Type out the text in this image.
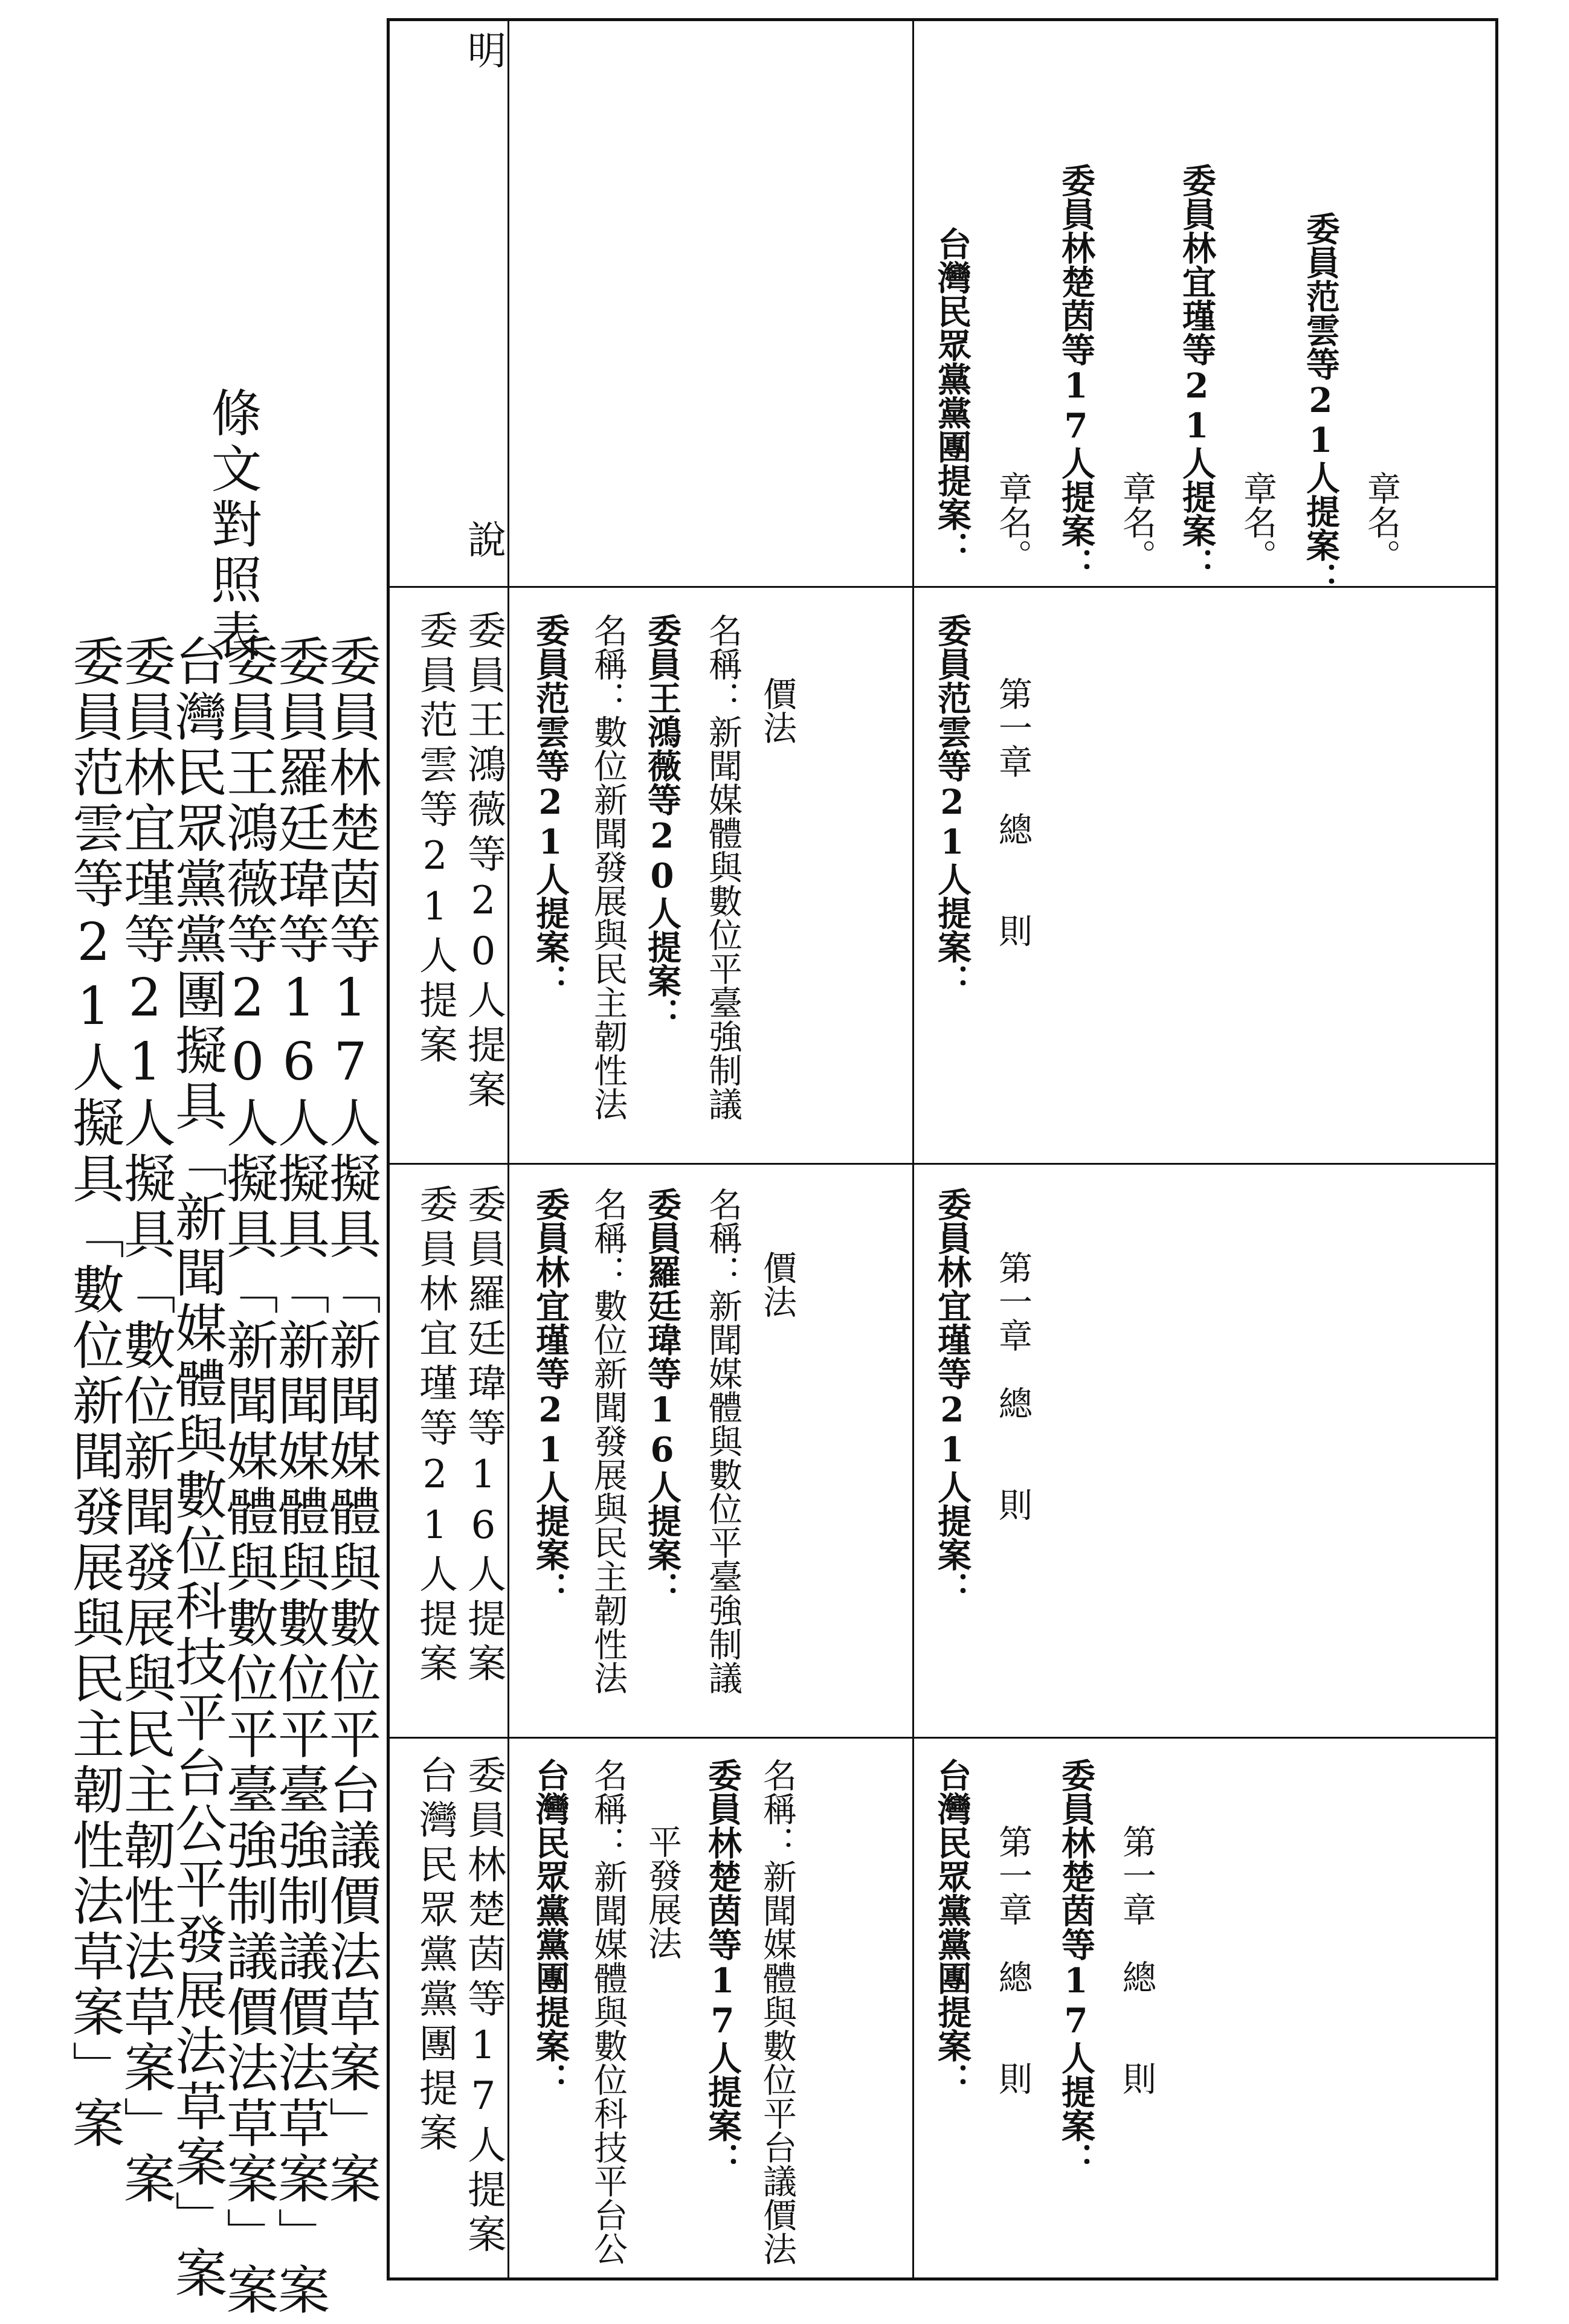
委員林楚茵等17人擬具「新聞媒體與數位平台議價法草案」案
委員羅廷瑋等16人擬具「新聞媒體與數位平臺強制議價法草案」案
委員王鴻薇等20人擬具「新聞媒體與數位平臺強制議價法草案」案
台灣民眾黨黨團擬具「新聞媒體與數位科技平台公平發展法草案」案
委員林宜瑾等21人擬具「數位新聞發展與民主韌性法草案」案
委員范雲等21人擬具「數位新聞發展與民主韌性法草案」案
條文對照表
台灣民眾黨黨團提案 委員林楚茵等17人提案
委員林宜瑾等21人提案 委員羅廷瑋等16人提案
委員范雲等21人提案 委員王鴻薇等20人提案
說
明
台灣民眾黨黨團提案： 名稱：新聞媒體與數位科技平台公 平發展法 委員林楚茵等17人提案： 名稱：新聞媒體與數位平台議價法
委員林宜瑾等21人提案： 名稱：數位新聞發展與民主韌性法 委員羅廷瑋等16人提案： 名稱：新聞媒體與數位平臺強制議 價法
委員范雲等21人提案： 名稱：數位新聞發展與民主韌性法 委員王鴻薇等20人提案： 名稱：新聞媒體與數位平臺強制議 價法
台灣民眾黨黨團提案： 第一章　總　　則 委員林楚茵等17人提案： 第一章　總　　則
委員林宜瑾等21人提案： 第一章　總　　則
委員范雲等21人提案： 第一章　總　　則
台灣民眾黨黨團提案： 章名。 委員林楚茵等17人提案： 章名。 委員林宜瑾等21人提案： 章名。 委員范雲等21人提案： 章名。
